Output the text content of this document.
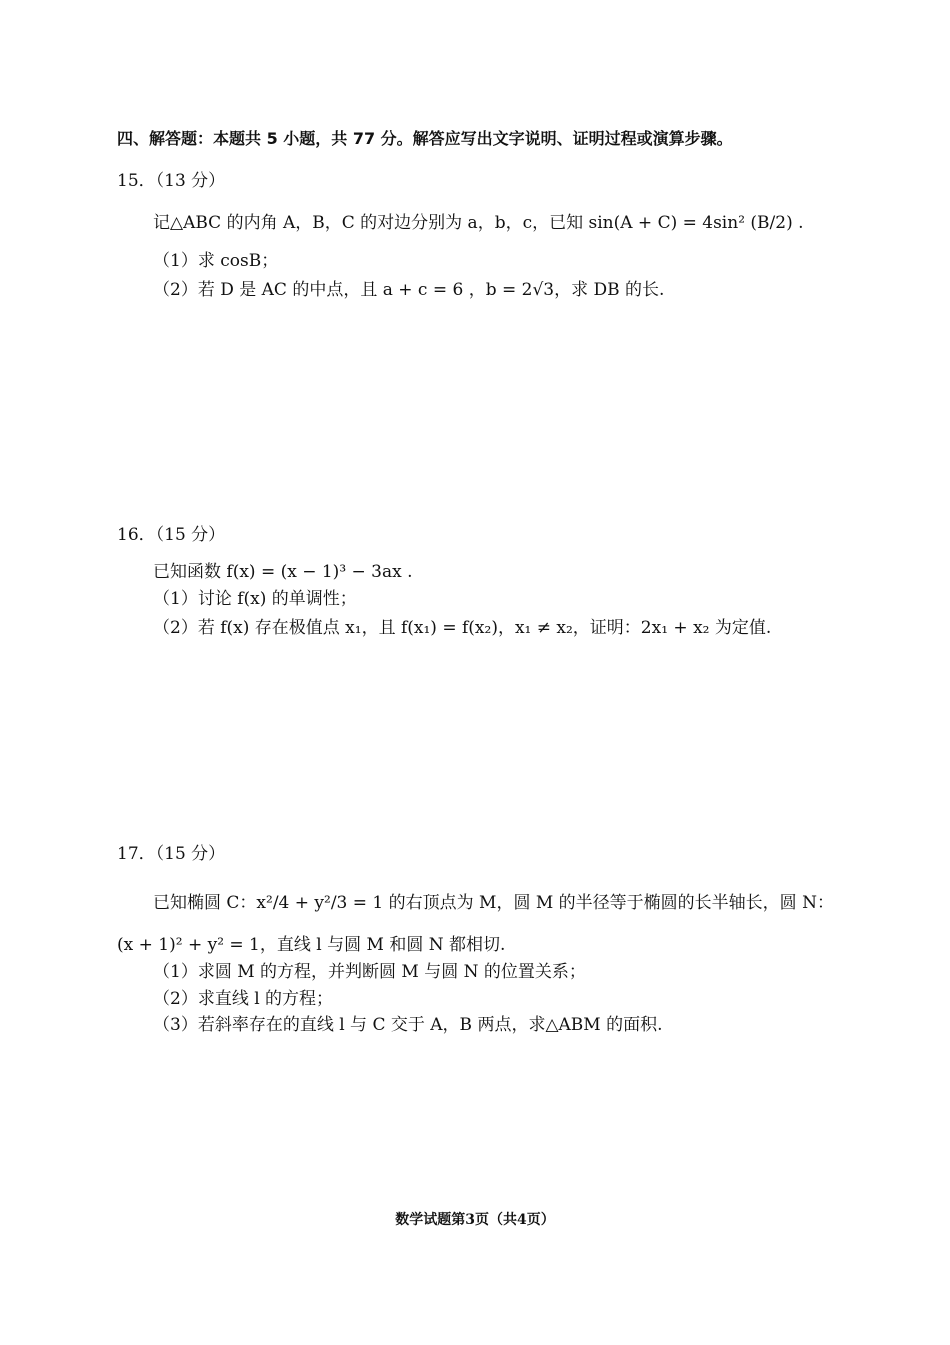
四、解答题：本题共 5 小题，共 77 分。解答应写出文字说明、证明过程或演算步骤。
15．（13 分）
记△ABC 的内角 A，B，C 的对边分别为 a，b，c，已知 sin(A + C) = 4sin² (B/2) .
（1）求 cosB；
（2）若 D 是 AC 的中点，且 a + c = 6 ，b = 2√3，求 DB 的长.
16．（15 分）
已知函数 f(x) = (x − 1)³ − 3ax .
（1）讨论 f(x) 的单调性；
（2）若 f(x) 存在极值点 x₁，且 f(x₁) = f(x₂)，x₁ ≠ x₂，证明：2x₁ + x₂ 为定值.
17．（15 分）
已知椭圆 C：x²/4 + y²/3 = 1 的右顶点为 M，圆 M 的半径等于椭圆的长半轴长，圆 N：
(x + 1)² + y² = 1，直线 l 与圆 M 和圆 N 都相切.
（1）求圆 M 的方程，并判断圆 M 与圆 N 的位置关系；
（2）求直线 l 的方程；
（3）若斜率存在的直线 l 与 C 交于 A，B 两点，求△ABM 的面积.
数学试题第3页（共4页）
